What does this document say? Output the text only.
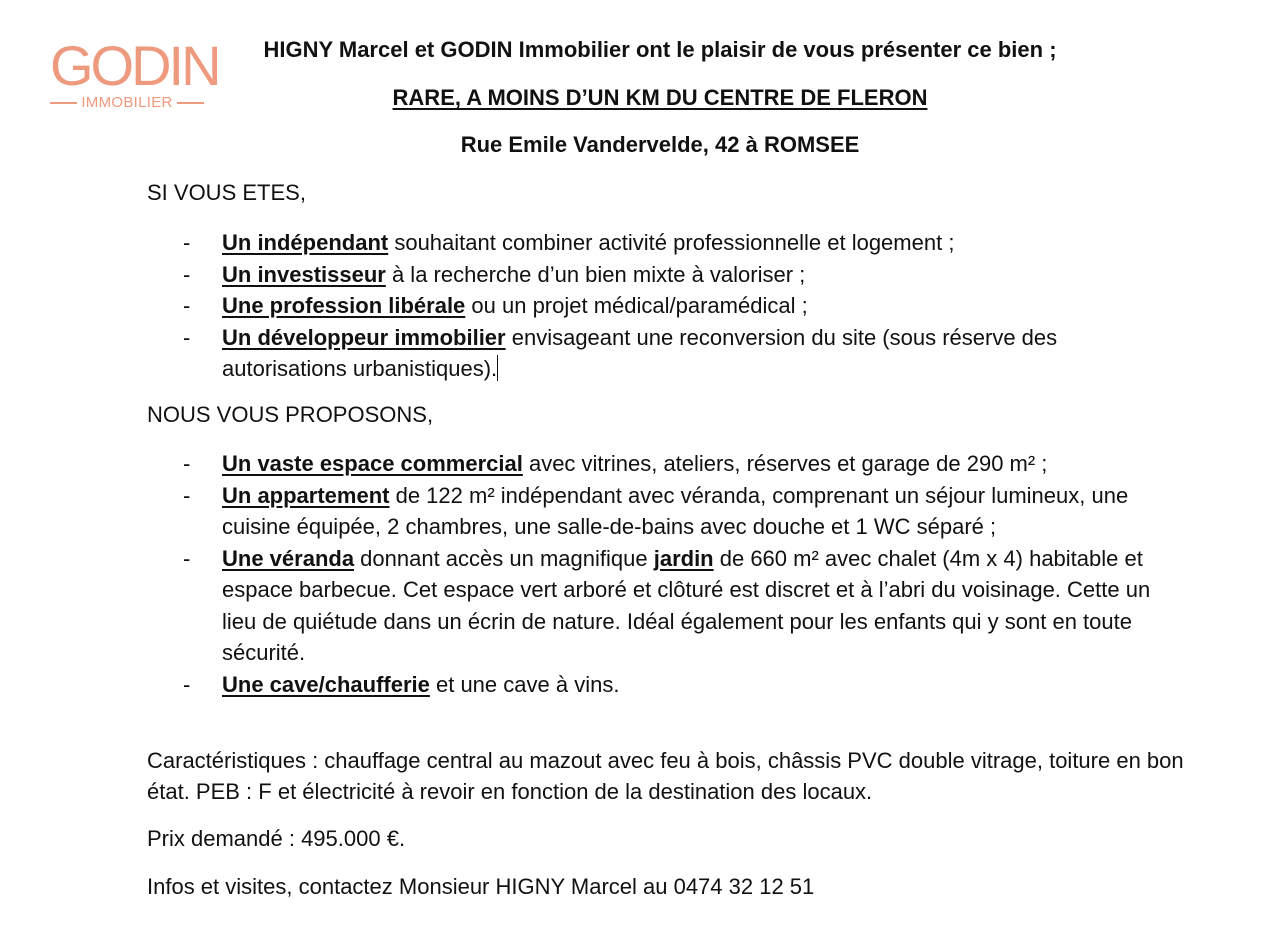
GODIN
IMMOBILIER
HIGNY Marcel et GODIN Immobilier ont le plaisir de vous présenter ce bien ;
RARE, A MOINS D’UN KM DU CENTRE DE FLERON
Rue Emile Vandervelde, 42 à ROMSEE
SI VOUS ETES,
- Un indépendant souhaitant combiner activité professionnelle et logement ;
- Un investisseur à la recherche d’un bien mixte à valoriser ;
- Une profession libérale ou un projet médical/paramédical ;
- Un développeur immobilier envisageant une reconversion du site (sous réserve des autorisations urbanistiques).
NOUS VOUS PROPOSONS,
- Un vaste espace commercial avec vitrines, ateliers, réserves et garage de 290 m² ;
- Un appartement de 122 m² indépendant avec véranda, comprenant un séjour lumineux, une cuisine équipée, 2 chambres, une salle-de-bains avec douche et 1 WC séparé ;
- Une véranda donnant accès un magnifique jardin de 660 m² avec chalet (4m x 4) habitable et espace barbecue. Cet espace vert arboré et clôturé est discret et à l’abri du voisinage. Cette un lieu de quiétude dans un écrin de nature. Idéal également pour les enfants qui y sont en toute sécurité.
- Une cave/chaufferie et une cave à vins.
Caractéristiques : chauffage central au mazout avec feu à bois, châssis PVC double vitrage, toiture en bon état. PEB : F et électricité à revoir en fonction de la destination des locaux.
Prix demandé : 495.000 €.
Infos et visites, contactez Monsieur HIGNY Marcel au 0474 32 12 51
